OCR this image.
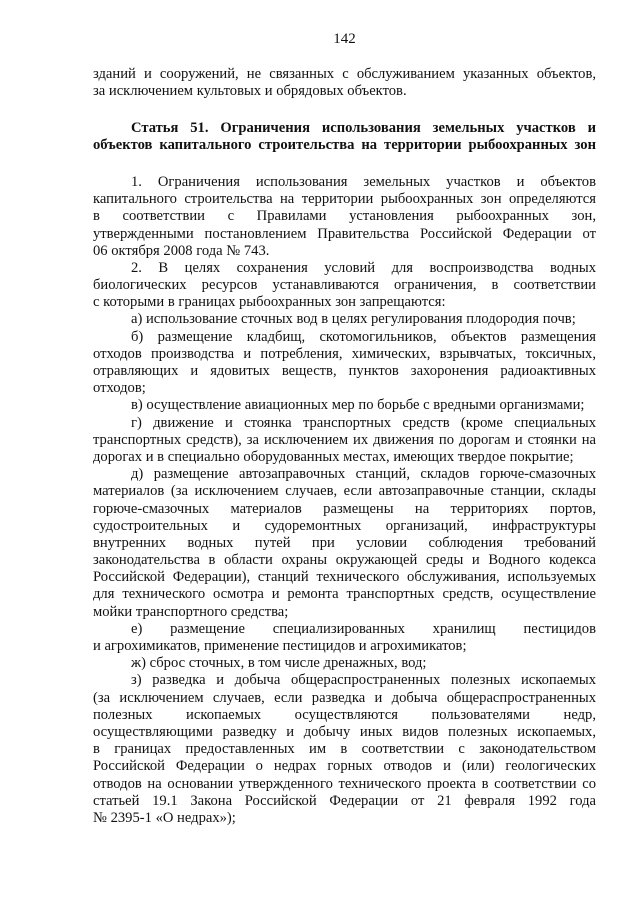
142
зданий и сооружений, не связанных с обслуживанием указанных объектов,
за исключением культовых и обрядовых объектов.
Статья 51. Ограничения использования земельных участков и
объектов капитального строительства на территории рыбоохранных зон
1. Ограничения использования земельных участков и объектов
капитального строительства на территории рыбоохранных зон определяются
в соответствии с Правилами установления рыбоохранных зон,
утвержденными постановлением Правительства Российской Федерации от
06 октября 2008 года № 743.
2. В целях сохранения условий для воспроизводства водных
биологических ресурсов устанавливаются ограничения, в соответствии
с которыми в границах рыбоохранных зон запрещаются:
а) использование сточных вод в целях регулирования плодородия почв;
б) размещение кладбищ, скотомогильников, объектов размещения
отходов производства и потребления, химических, взрывчатых, токсичных,
отравляющих и ядовитых веществ, пунктов захоронения радиоактивных
отходов;
в) осуществление авиационных мер по борьбе с вредными организмами;
г) движение и стоянка транспортных средств (кроме специальных
транспортных средств), за исключением их движения по дорогам и стоянки на
дорогах и в специально оборудованных местах, имеющих твердое покрытие;
д) размещение автозаправочных станций, складов горюче-смазочных
материалов (за исключением случаев, если автозаправочные станции, склады
горюче-смазочных материалов размещены на территориях портов,
судостроительных и судоремонтных организаций, инфраструктуры
внутренних водных путей при условии соблюдения требований
законодательства в области охраны окружающей среды и Водного кодекса
Российской Федерации), станций технического обслуживания, используемых
для технического осмотра и ремонта транспортных средств, осуществление
мойки транспортного средства;
е) размещение специализированных хранилищ пестицидов
и агрохимикатов, применение пестицидов и агрохимикатов;
ж) сброс сточных, в том числе дренажных, вод;
з) разведка и добыча общераспространенных полезных ископаемых
(за исключением случаев, если разведка и добыча общераспространенных
полезных ископаемых осуществляются пользователями недр,
осуществляющими разведку и добычу иных видов полезных ископаемых,
в границах предоставленных им в соответствии с законодательством
Российской Федерации о недрах горных отводов и (или) геологических
отводов на основании утвержденного технического проекта в соответствии со
статьей 19.1 Закона Российской Федерации от 21 февраля 1992 года
№ 2395-1 «О недрах»);
